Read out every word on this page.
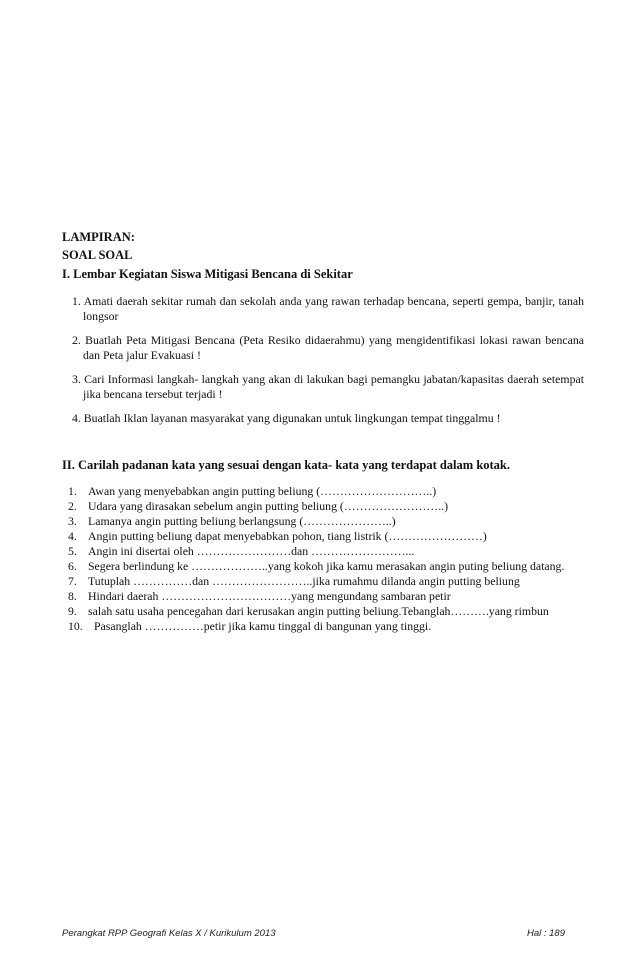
LAMPIRAN:
SOAL SOAL

I. Lembar Kegiatan Siswa Mitigasi Bencana di Sekitar

1. Amati daerah sekitar rumah dan sekolah anda yang rawan terhadap bencana, seperti gempa, banjir, tanah longsor
2. Buatlah Peta Mitigasi Bencana (Peta Resiko didaerahmu) yang mengidentifikasi lokasi rawan bencana dan Peta jalur Evakuasi !
3. Cari Informasi langkah- langkah yang akan di lakukan bagi pemangku jabatan/kapasitas daerah setempat jika bencana tersebut terjadi !
4. Buatlah Iklan layanan masyarakat yang digunakan untuk lingkungan tempat tinggalmu !

II. Carilah padanan kata yang sesuai dengan kata- kata yang terdapat dalam kotak.

1. Awan yang menyebabkan angin putting beliung (………………………..)
2. Udara yang dirasakan sebelum angin putting beliung (……………………..)
3. Lamanya angin putting beliung berlangsung (…………………..)
4. Angin putting beliung dapat menyebabkan pohon, tiang listrik (……………………)
5. Angin ini disertai oleh ……………………dan ……………………...
6. Segera berlindung ke ………………..yang kokoh jika kamu merasakan angin puting beliung datang.
7. Tutuplah ……………dan ……………………..jika rumahmu dilanda angin putting beliung
8. Hindari daerah ……………………………yang mengundang sambaran petir
9. salah satu usaha pencegahan dari kerusakan angin putting beliung.Tebanglah……….yang rimbun
10. Pasanglah ……………petir jika kamu tinggal di bangunan yang tinggi.
Perangkat RPP Geografi Kelas X / Kurikulum 2013	Hal : 189
